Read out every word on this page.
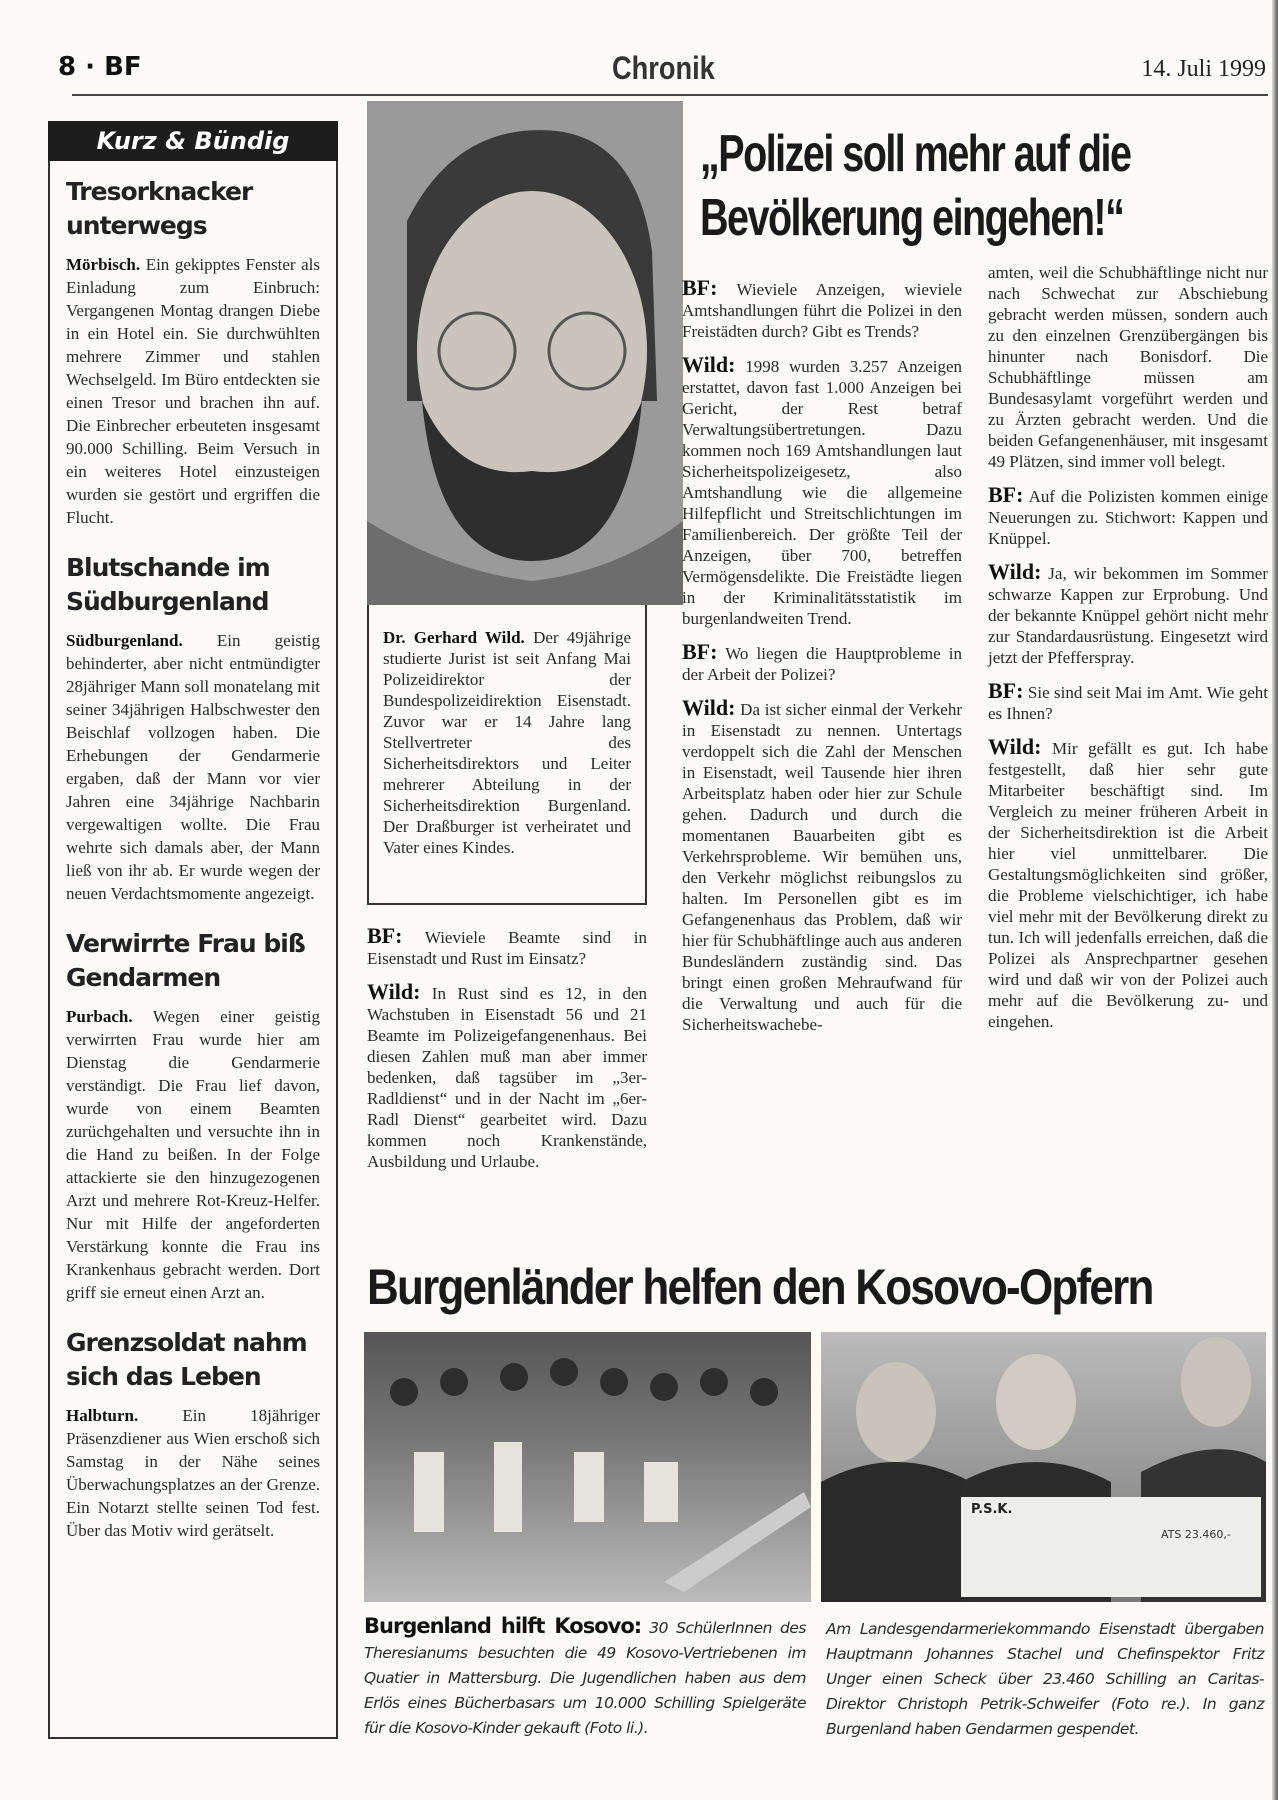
8 · BF	Chronik	14. Juli 1999
Kurz & Bündig
Tresorknacker unterwegs

Mörbisch. Ein gekipptes Fenster als Einladung zum Einbruch: Vergangenen Montag drangen Diebe in ein Hotel ein. Sie durchwühlten mehrere Zimmer und stahlen Wechselgeld. Im Büro entdeckten sie einen Tresor und brachen ihn auf. Die Einbrecher erbeuteten insgesamt 90.000 Schilling. Beim Versuch in ein weiteres Hotel einzusteigen wurden sie gestört und ergriffen die Flucht.

Blutschande im Südburgenland

Südburgenland. Ein geistig behinderter, aber nicht entmündigter 28jähriger Mann soll monatelang mit seiner 34jährigen Halbschwester den Beischlaf vollzogen haben. Die Erhebungen der Gendarmerie ergaben, daß der Mann vor vier Jahren eine 34jährige Nachbarin vergewaltigen wollte. Die Frau wehrte sich damals aber, der Mann ließ von ihr ab. Er wurde wegen der neuen Verdachtsmomente angezeigt.

Verwirrte Frau biß Gendarmen

Purbach. Wegen einer geistig verwirrten Frau wurde hier am Dienstag die Gendarmerie verständigt. Die Frau lief davon, wurde von einem Beamten zurüchgehalten und versuchte ihn in die Hand zu beißen. In der Folge attackierte sie den hinzugezogenen Arzt und mehrere Rot-Kreuz-Helfer. Nur mit Hilfe der angeforderten Verstärkung konnte die Frau ins Krankenhaus gebracht werden. Dort griff sie erneut einen Arzt an.

Grenzsoldat nahm sich das Leben

Halbturn.	Ein 18jähriger Präsenzdiener aus Wien erschoß sich Samstag in der Nähe seines Überwachungsplatzes an der Grenze. Ein Notarzt stellte seinen Tod fest. Über das Motiv wird gerätselt.

Dr. Gerhard Wild. Der 49jährige studierte Jurist ist seit Anfang Mai Polizeidirektor der Bundespolizeidirektion Eisenstadt. Zuvor war er 14 Jahre lang Stellvertreter des Sicherheitsdirektors und Leiter mehrerer Abteilung in der Sicherheitsdirektion Burgenland. Der Draßburger ist verheiratet und Vater eines Kindes.

„Polizei soll mehr auf die Bevölkerung eingehen!“

BF: Wieviele Beamte sind in Eisenstadt und Rust im Einsatz?

Wild: In Rust sind es 12, in den Wachstuben in Eisenstadt 56 und 21 Beamte im Polizeigefangenenhaus. Bei diesen Zahlen muß man aber immer bedenken, daß tagsüber im „3er-Radldienst“ und in der Nacht im „6er-Radl Dienst“ gearbeitet wird. Dazu kommen noch Krankenstände, Ausbildung und Urlaube.

BF: Wieviele Anzeigen, wieviele Amtshandlungen führt die Polizei in den Freistädten durch? Gibt es Trends?

Wild: 1998 wurden 3.257 Anzeigen erstattet, davon fast 1.000 Anzeigen bei Gericht, der Rest betraf Verwaltungsübertretungen. Dazu kommen noch 169 Amtshandlungen laut Sicherheitspolizeigesetz, also Amtshandlung wie die allgemeine Hilfepflicht und Streitschlichtungen im Familienbereich. Der größte Teil der Anzeigen, über 700, betreffen Vermögensdelikte. Die Freistädte liegen in der Kriminalitätsstatistik im burgenlandweiten Trend.

BF: Wo liegen die Hauptprobleme in der Arbeit der Polizei?

Wild: Da ist sicher einmal der Verkehr in Eisenstadt zu nennen. Untertags verdoppelt sich die Zahl der Menschen in Eisenstadt, weil Tausende hier ihren Arbeitsplatz haben oder hier zur Schule gehen. Dadurch und durch die momentanen Bauarbeiten gibt es Verkehrsprobleme. Wir bemühen uns, den Verkehr möglichst reibungslos zu halten. Im Personellen gibt es im Gefangenenhaus das Problem, daß wir hier für Schubhäftlinge auch aus anderen Bundesländern zuständig sind. Das bringt einen großen Mehraufwand für die Verwaltung und auch für die Sicherheitswachebe-

amten, weil die Schubhäftlinge nicht nur nach Schwechat zur Abschiebung gebracht werden müssen, sondern auch zu den einzelnen Grenzübergängen bis hinunter nach Bonisdorf. Die Schubhäftlinge müssen am Bundesasylamt vorgeführt werden und zu Ärzten gebracht werden. Und die beiden Gefangenenhäuser, mit insgesamt 49 Plätzen, sind immer voll belegt.

BF: Auf die Polizisten kommen einige Neuerungen zu. Stichwort: Kappen und Knüppel.

Wild: Ja, wir bekommen im Sommer schwarze Kappen zur Erprobung. Und der bekannte Knüppel gehört nicht mehr zur Standardausrüstung. Eingesetzt wird jetzt der Pfefferspray.

BF: Sie sind seit Mai im Amt. Wie geht es Ihnen?

Wild: Mir gefällt es gut. Ich habe festgestellt, daß hier sehr gute Mitarbeiter beschäftigt sind. Im Vergleich zu meiner früheren Arbeit in der Sicherheitsdirektion ist die Arbeit hier viel unmittelbarer. Die Gestaltungsmöglichkeiten sind größer, die Probleme vielschichtiger, ich habe viel mehr mit der Bevölkerung direkt zu tun. Ich will jedenfalls erreichen, daß die Polizei als Ansprechpartner gesehen wird und daß wir von der Polizei auch mehr auf die Bevölkerung zu- und eingehen.

Burgenländer helfen den Kosovo-Opfern
P.S.K.
ATS 23.460,-
Burgenland hilft Kosovo: 30 SchülerInnen des Theresianums besuchten die 49 Kosovo-Vertriebenen im Quatier in Mattersburg. Die Jugendlichen haben aus dem Erlös eines Bücherbasars um 10.000 Schilling Spielgeräte für die Kosovo-Kinder gekauft (Foto li.).
Am Landesgendarmeriekommando Eisenstadt übergaben Hauptmann Johannes Stachel und Chefinspektor Fritz Unger einen Scheck über 23.460 Schilling an Caritas-Direktor Christoph Petrik-Schweifer (Foto re.). In ganz Burgenland haben Gendarmen gespendet.
